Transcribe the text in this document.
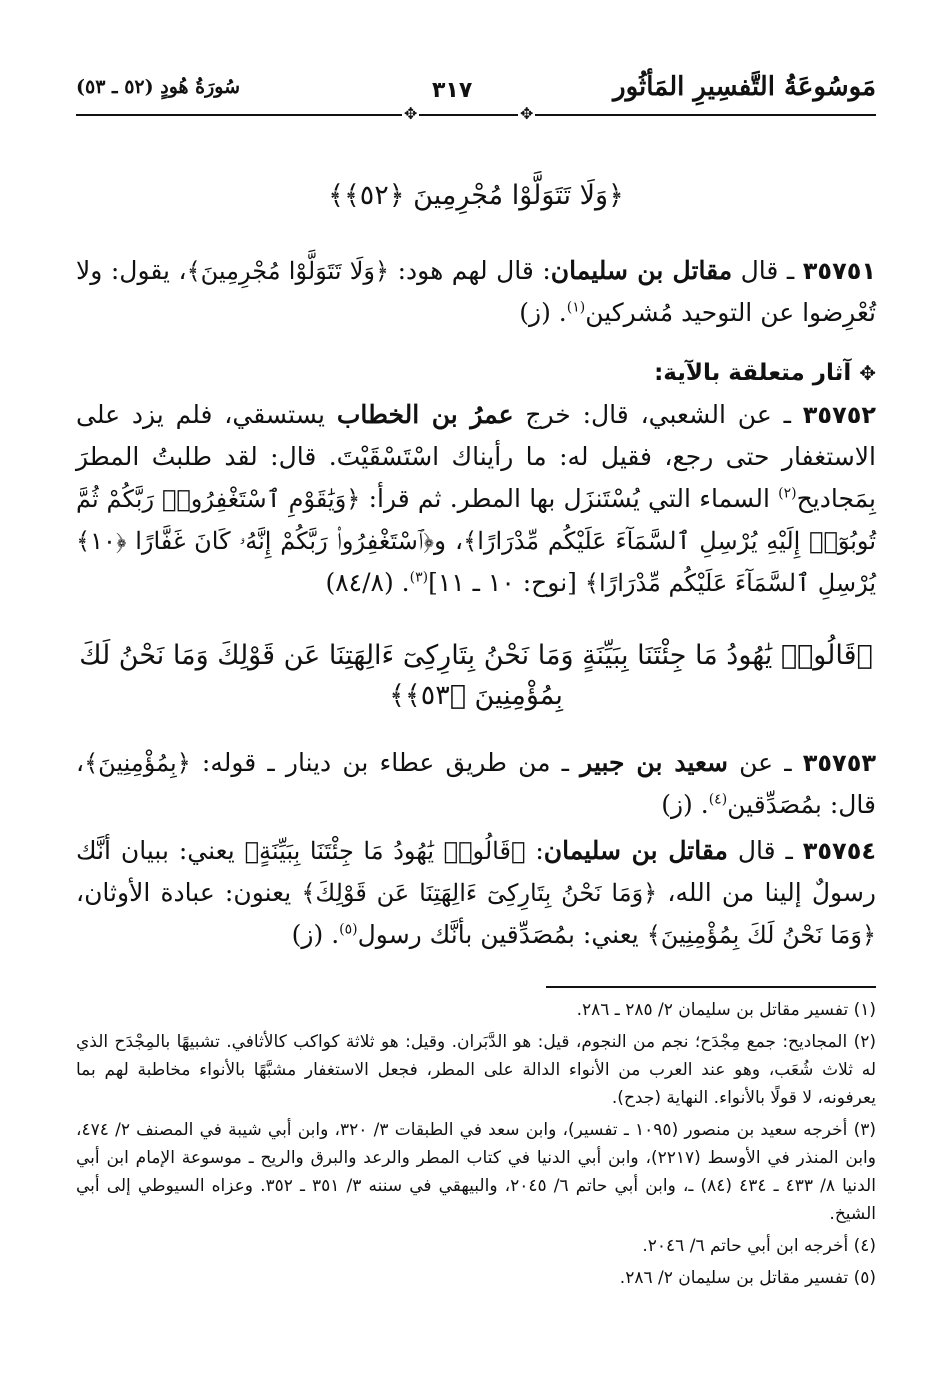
مَوسُوعَةُ التَّفسِيرِ المَأثُور
٣١٧
سُورَةُ هُودٍ (٥٢ ـ ٥٣)
✥
✥
﴿وَلَا تَتَوَلَّوْا مُجْرِمِينَ ﴿٥٢﴾﴾

٣٥٧٥١ ـ قال مقاتل بن سليمان: قال لهم هود: ﴿وَلَا تَتَوَلَّوْا مُجْرِمِينَ﴾، يقول: ولا تُعْرِضوا عن التوحيد مُشركين$^{(١)}$. (ز)

✥ آثار متعلقة بالآية:

٣٥٧٥٢ ـ عن الشعبي، قال: خرج عمرُ بن الخطاب يستسقي، فلم يزد على الاستغفار حتى رجع، فقيل له: ما رأيناك اسْتَسْقَيْتَ. قال: لقد طلبتُ المطرَ بِمَجاديح$^{(٢)}$ السماء التي يُسْتَنزَل بها المطر. ثم قرأ: ﴿وَيَٰقَوْمِ ٱسْتَغْفِرُوا۟ رَبَّكُمْ ثُمَّ تُوبُوٓا۟ إِلَيْهِ يُرْسِلِ ٱلسَّمَآءَ عَلَيْكُم مِّدْرَارًا﴾، و﴿ٱسْتَغْفِرُوا۟ رَبَّكُمْ إِنَّهُۥ كَانَ غَفَّارًا ﴿١٠﴾ يُرْسِلِ ٱلسَّمَآءَ عَلَيْكُم مِّدْرَارًا﴾ [نوح: ١٠ ـ ١١]$^{(٣)}$. (٨٤/٨)

﴿قَالُوا۟ يَٰهُودُ مَا جِئْتَنَا بِبَيِّنَةٍ وَمَا نَحْنُ بِتَارِكِىٓ ءَالِهَتِنَا عَن قَوْلِكَ وَمَا نَحْنُ لَكَ بِمُؤْمِنِينَ ﴿٥٣﴾﴾

٣٥٧٥٣ ـ عن سعيد بن جبير ـ من طريق عطاء بن دينار ـ قوله: ﴿بِمُؤْمِنِينَ﴾، قال: بمُصَدِّقين$^{(٤)}$. (ز)

٣٥٧٥٤ ـ قال مقاتل بن سليمان: ﴿قَالُوا۟ يَٰهُودُ مَا جِئْتَنَا بِبَيِّنَةٍ﴾ يعني: ببيان أنَّك رسولٌ إلينا من الله، ﴿وَمَا نَحْنُ بِتَارِكِىٓ ءَالِهَتِنَا عَن قَوْلِكَ﴾ يعنون: عبادة الأوثان، ﴿وَمَا نَحْنُ لَكَ بِمُؤْمِنِينَ﴾ يعني: بمُصَدِّقين بأنَّك رسول$^{(٥)}$. (ز)

(١) تفسير مقاتل بن سليمان ٢/ ٢٨٥ ـ ٢٨٦.

(٢) المجاديح: جمع مِجْدَح؛ نجم من النجوم، قيل: هو الدَّبَران. وقيل: هو ثلاثة كواكب كالأثافي. تشبيهًا بالمِجْدَح الذي له ثلاث شُعَب، وهو عند العرب من الأنواء الدالة على المطر، فجعل الاستغفار مشبَّهًا بالأنواء مخاطبة لهم بما يعرفونه، لا قولًا بالأنواء. النهاية (جدح).

(٣) أخرجه سعيد بن منصور (١٠٩٥ ـ تفسير)، وابن سعد في الطبقات ٣/ ٣٢٠، وابن أبي شيبة في المصنف ٢/ ٤٧٤، وابن المنذر في الأوسط (٢٢١٧)، وابن أبي الدنيا في كتاب المطر والرعد والبرق والريح ـ موسوعة الإمام ابن أبي الدنيا ٨/ ٤٣٣ ـ ٤٣٤ (٨٤) ـ، وابن أبي حاتم ٦/ ٢٠٤٥، والبيهقي في سننه ٣/ ٣٥١ ـ ٣٥٢. وعزاه السيوطي إلى أبي الشيخ.

(٤) أخرجه ابن أبي حاتم ٦/ ٢٠٤٦.

(٥) تفسير مقاتل بن سليمان ٢/ ٢٨٦.
